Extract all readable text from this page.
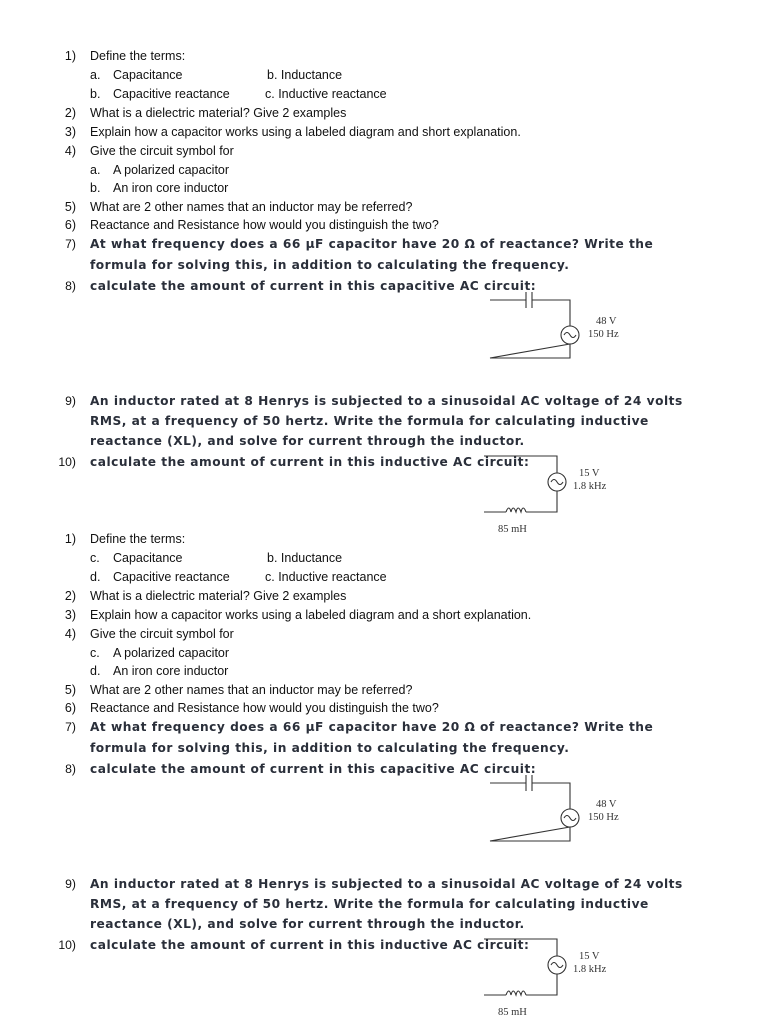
1) Define the terms:
a. Capacitance	b. Inductance
b. Capacitive reactance	c. Inductive reactance
2) What is a dielectric material? Give 2 examples
3) Explain how a capacitor works using a labeled diagram and short explanation.
4) Give the circuit symbol for
a. A polarized capacitor
b. An iron core inductor
5) What are 2 other names that an inductor may be referred?
6) Reactance and Resistance how would you distinguish the two?
7) At what frequency does a 66 µF capacitor have 20 Ω of reactance? Write the
formula for solving this, in addition to calculating the frequency.
8) calculate the amount of current in this capacitive AC circuit:
48 V
150 Hz
9) An inductor rated at 8 Henrys is subjected to a sinusoidal AC voltage of 24 volts
RMS, at a frequency of 50 hertz. Write the formula for calculating inductive
reactance (XL), and solve for current through the inductor.
10) calculate the amount of current in this inductive AC circuit:
15 V
1.8 kHz
85 mH
1) Define the terms:
c. Capacitance	b. Inductance
d. Capacitive reactance	c. Inductive reactance
2) What is a dielectric material? Give 2 examples
3) Explain how a capacitor works using a labeled diagram and a short explanation.
4) Give the circuit symbol for
c. A polarized capacitor
d. An iron core inductor
5) What are 2 other names that an inductor may be referred?
6) Reactance and Resistance how would you distinguish the two?
7) At what frequency does a 66 µF capacitor have 20 Ω of reactance? Write the
formula for solving this, in addition to calculating the frequency.
8) calculate the amount of current in this capacitive AC circuit:
48 V
150 Hz
9) An inductor rated at 8 Henrys is subjected to a sinusoidal AC voltage of 24 volts
RMS, at a frequency of 50 hertz. Write the formula for calculating inductive
reactance (XL), and solve for current through the inductor.
10) calculate the amount of current in this inductive AC circuit:
15 V
1.8 kHz
85 mH
